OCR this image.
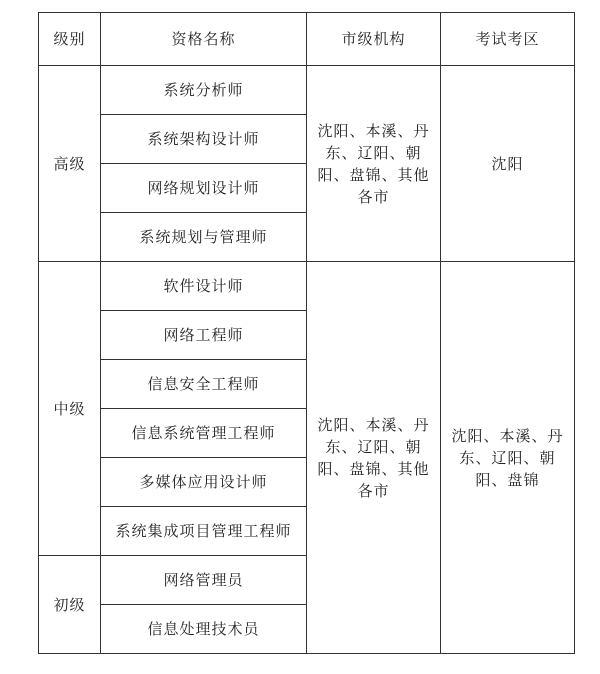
级别	资格名称	市级机构	考试考区
高级	系统分析师	沈阳、本溪、丹东、辽阳、朝阳、盘锦、其他各市	沈阳
	系统架构设计师		
	网络规划设计师		
	系统规划与管理师		
中级	软件设计师	沈阳、本溪、丹东、辽阳、朝阳、盘锦、其他各市	沈阳、本溪、丹东、辽阳、朝阳、盘锦
	网络工程师		
	信息安全工程师		
	信息系统管理工程师		
	多媒体应用设计师		
	系统集成项目管理工程师		
初级	网络管理员		
	信息处理技术员		
